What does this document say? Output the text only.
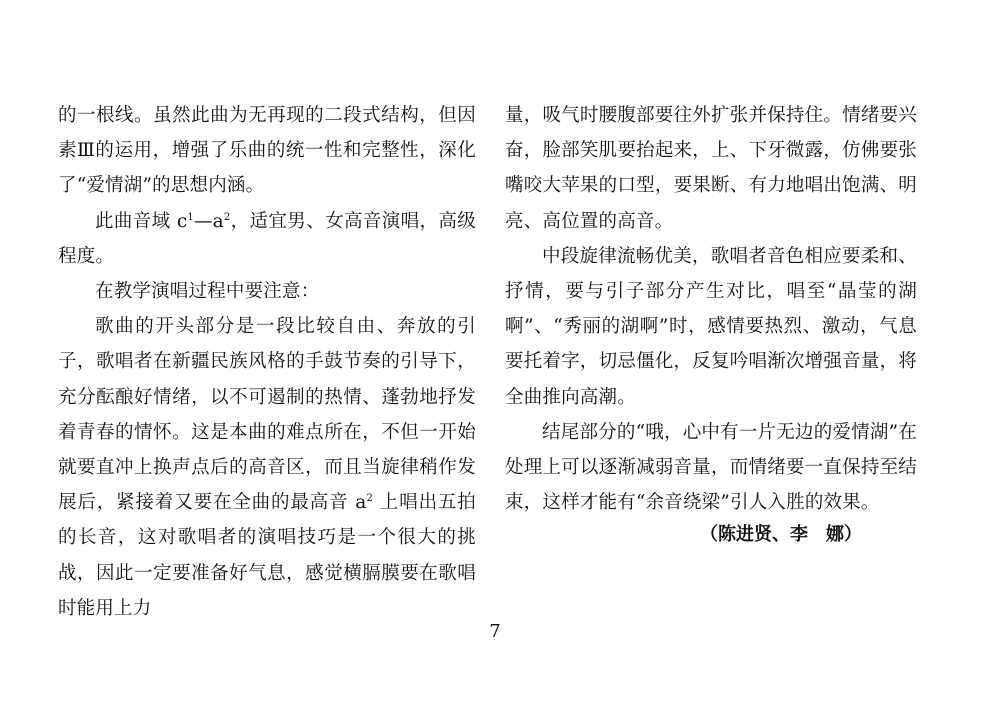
的一根线。虽然此曲为无再现的二段式结构，但因素Ⅲ的运用，增强了乐曲的统一性和完整性，深化了“爱情湖”的思想内涵。

此曲音域 $c^1—a^2$，适宜男、女高音演唱，高级程度。

在教学演唱过程中要注意：

歌曲的开头部分是一段比较自由、奔放的引子，歌唱者在新疆民族风格的手鼓节奏的引导下，充分酝酿好情绪，以不可遏制的热情、蓬勃地抒发着青春的情怀。这是本曲的难点所在，不但一开始就要直冲上换声点后的高音区，而且当旋律稍作发展后，紧接着又要在全曲的最高音 $a^2$ 上唱出五拍的长音，这对歌唱者的演唱技巧是一个很大的挑战，因此一定要准备好气息，感觉横膈膜要在歌唱时能用上力

量，吸气时腰腹部要往外扩张并保持住。情绪要兴奋，脸部笑肌要抬起来，上、下牙微露，仿佛要张嘴咬大苹果的口型，要果断、有力地唱出饱满、明亮、高位置的高音。

中段旋律流畅优美，歌唱者音色相应要柔和、抒情，要与引子部分产生对比，唱至“晶莹的湖啊”、“秀丽的湖啊”时，感情要热烈、激动，气息要托着字，切忌僵化，反复吟唱渐次增强音量，将全曲推向高潮。

结尾部分的“哦，心中有一片无边的爱情湖”在处理上可以逐渐减弱音量，而情绪要一直保持至结束，这样才能有“余音绕梁”引人入胜的效果。

（陈进贤、李　娜）
7
